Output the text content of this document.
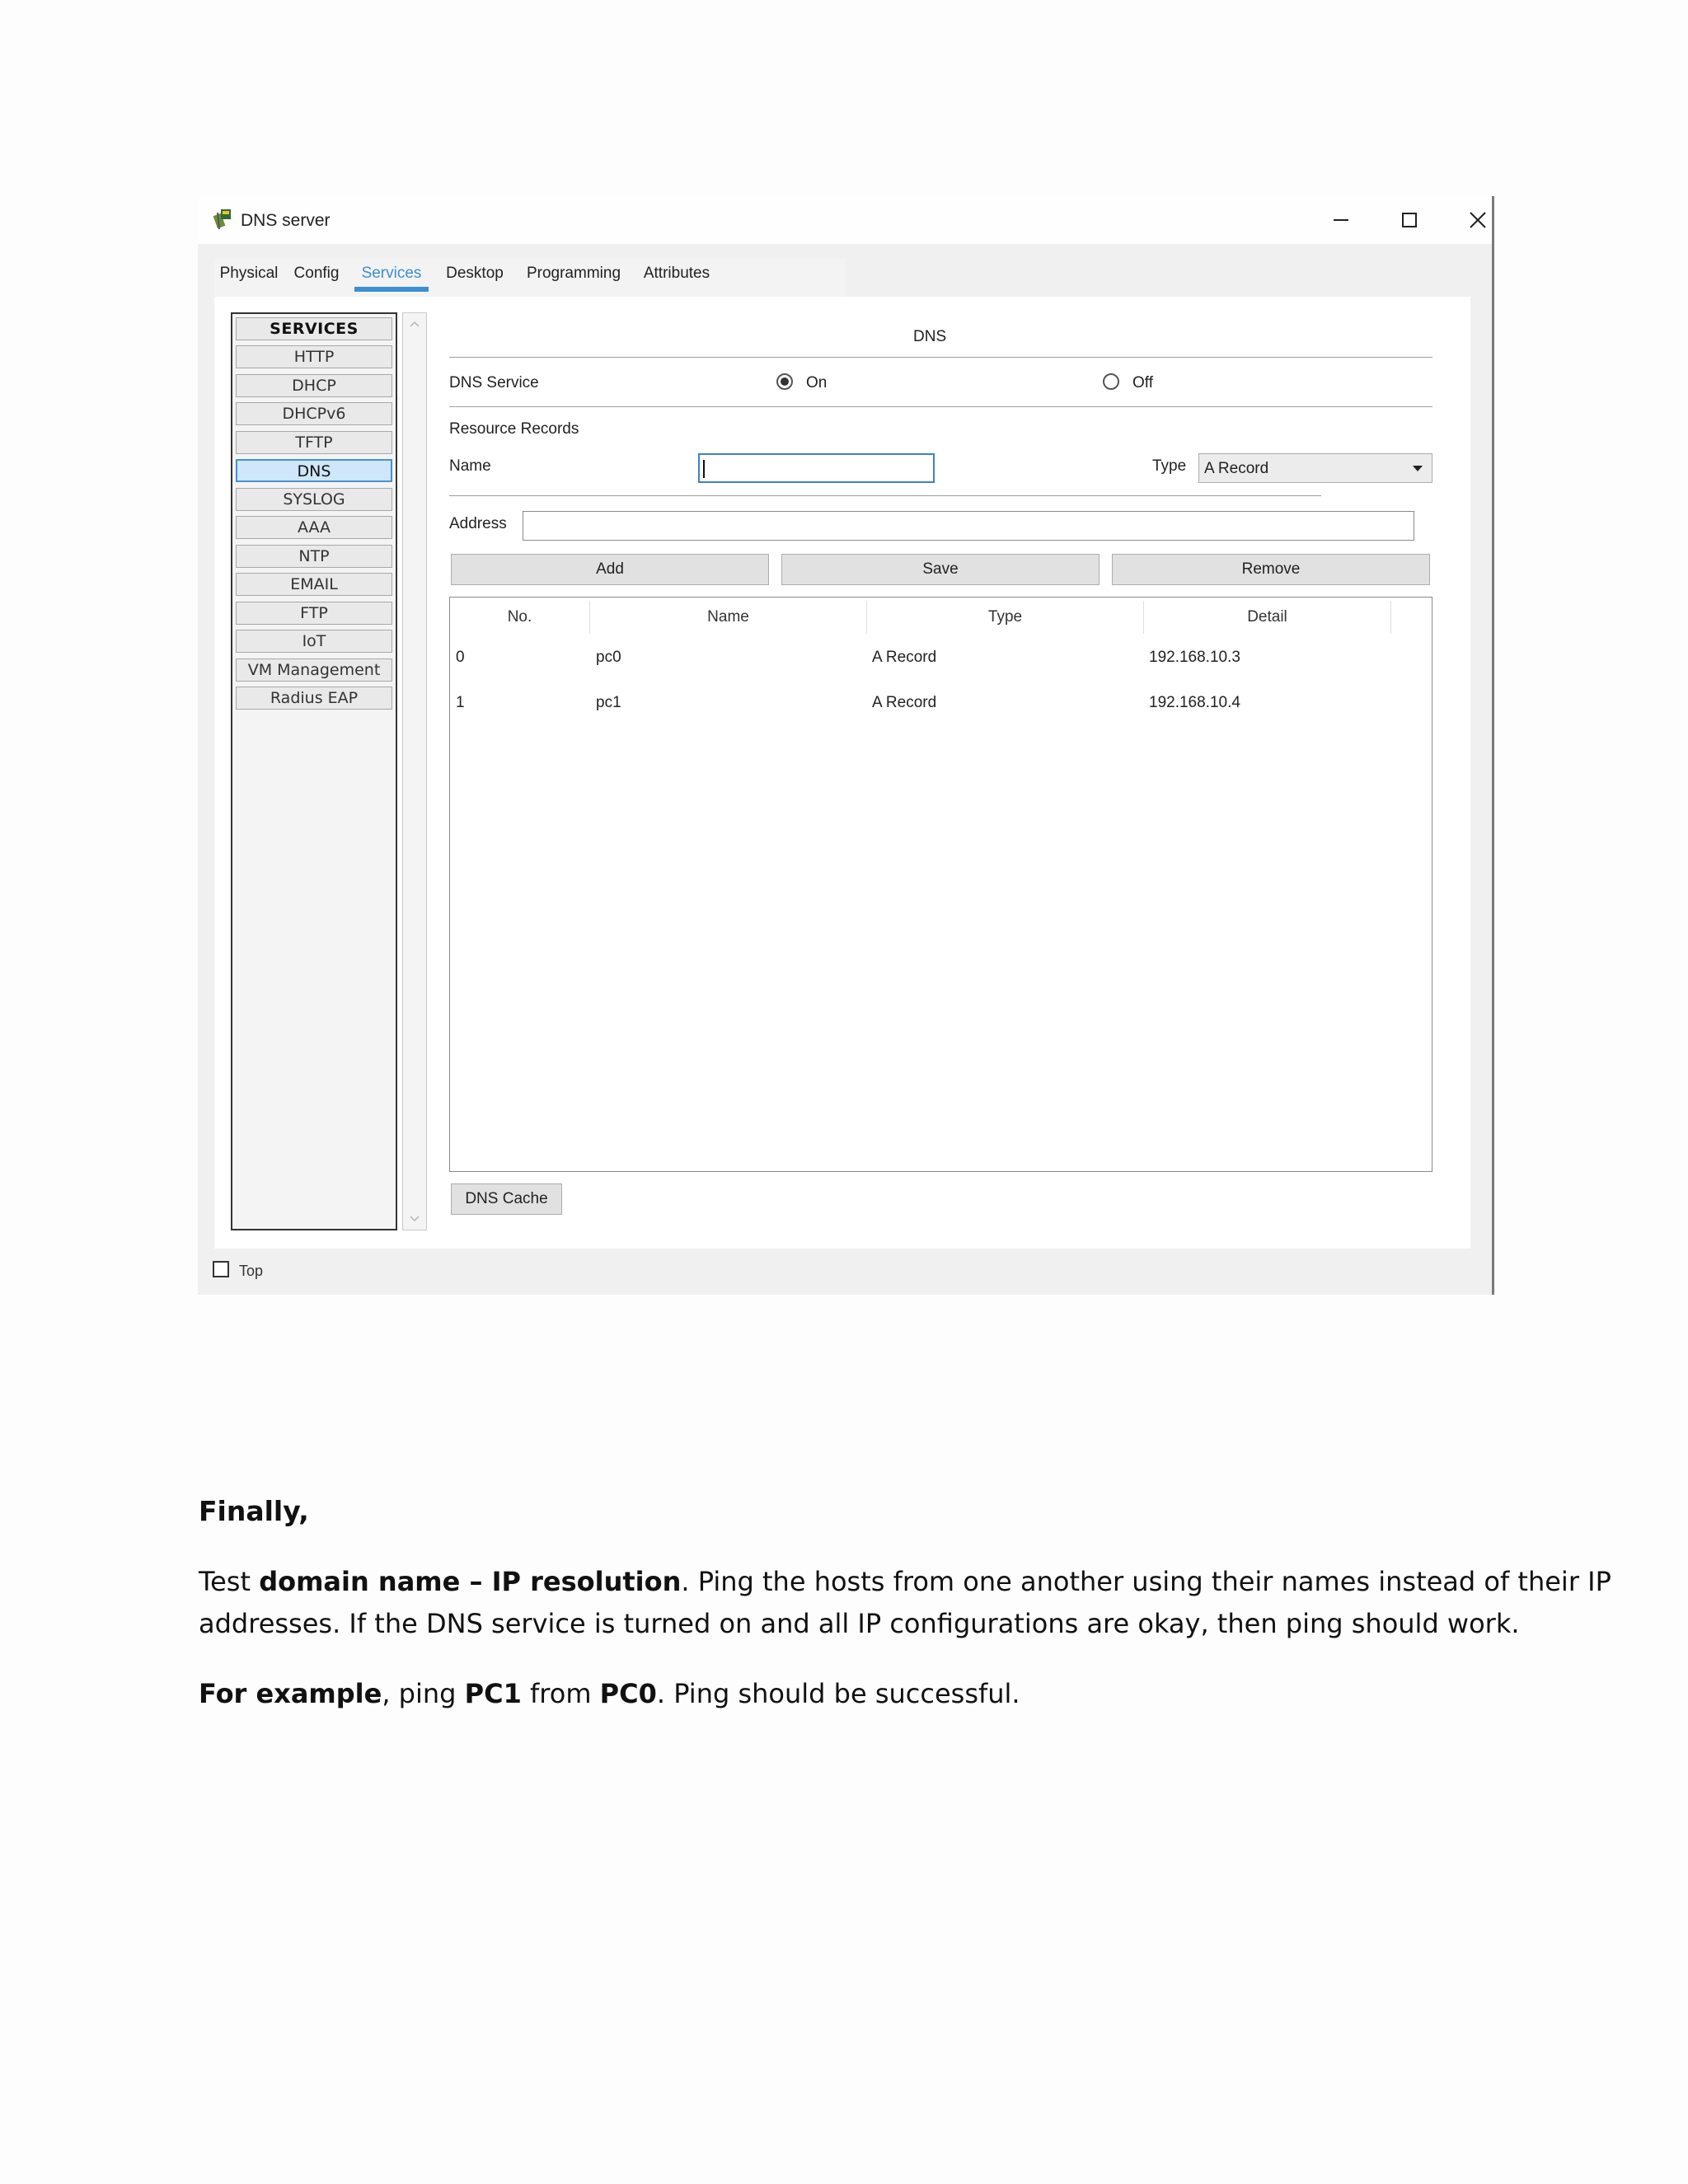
DNS server
Physical Config	Services	Desktop Programming	Attributes
SERVICES
HTTP
DHCP
DHCPv6
TFTP
DNS
SYSLOG
AAA
NTP
EMAIL
FTP
IoT
VM Management
Radius EAP
DNS
DNS Service	On	Off
Resource Records
Name	Type A Record
Address
Add	Save	Remove
No.	Name	Type	Detail
0	pc0	A Record	192.168.10.3
1	pc1	A Record	192.168.10.4
DNS Cache
Top
Finally,
Test domain name – IP resolution. Ping the hosts from one another using their names instead of their IP
addresses. If the DNS service is turned on and all IP configurations are okay, then ping should work.
For example, ping PC1 from PC0. Ping should be successful.
